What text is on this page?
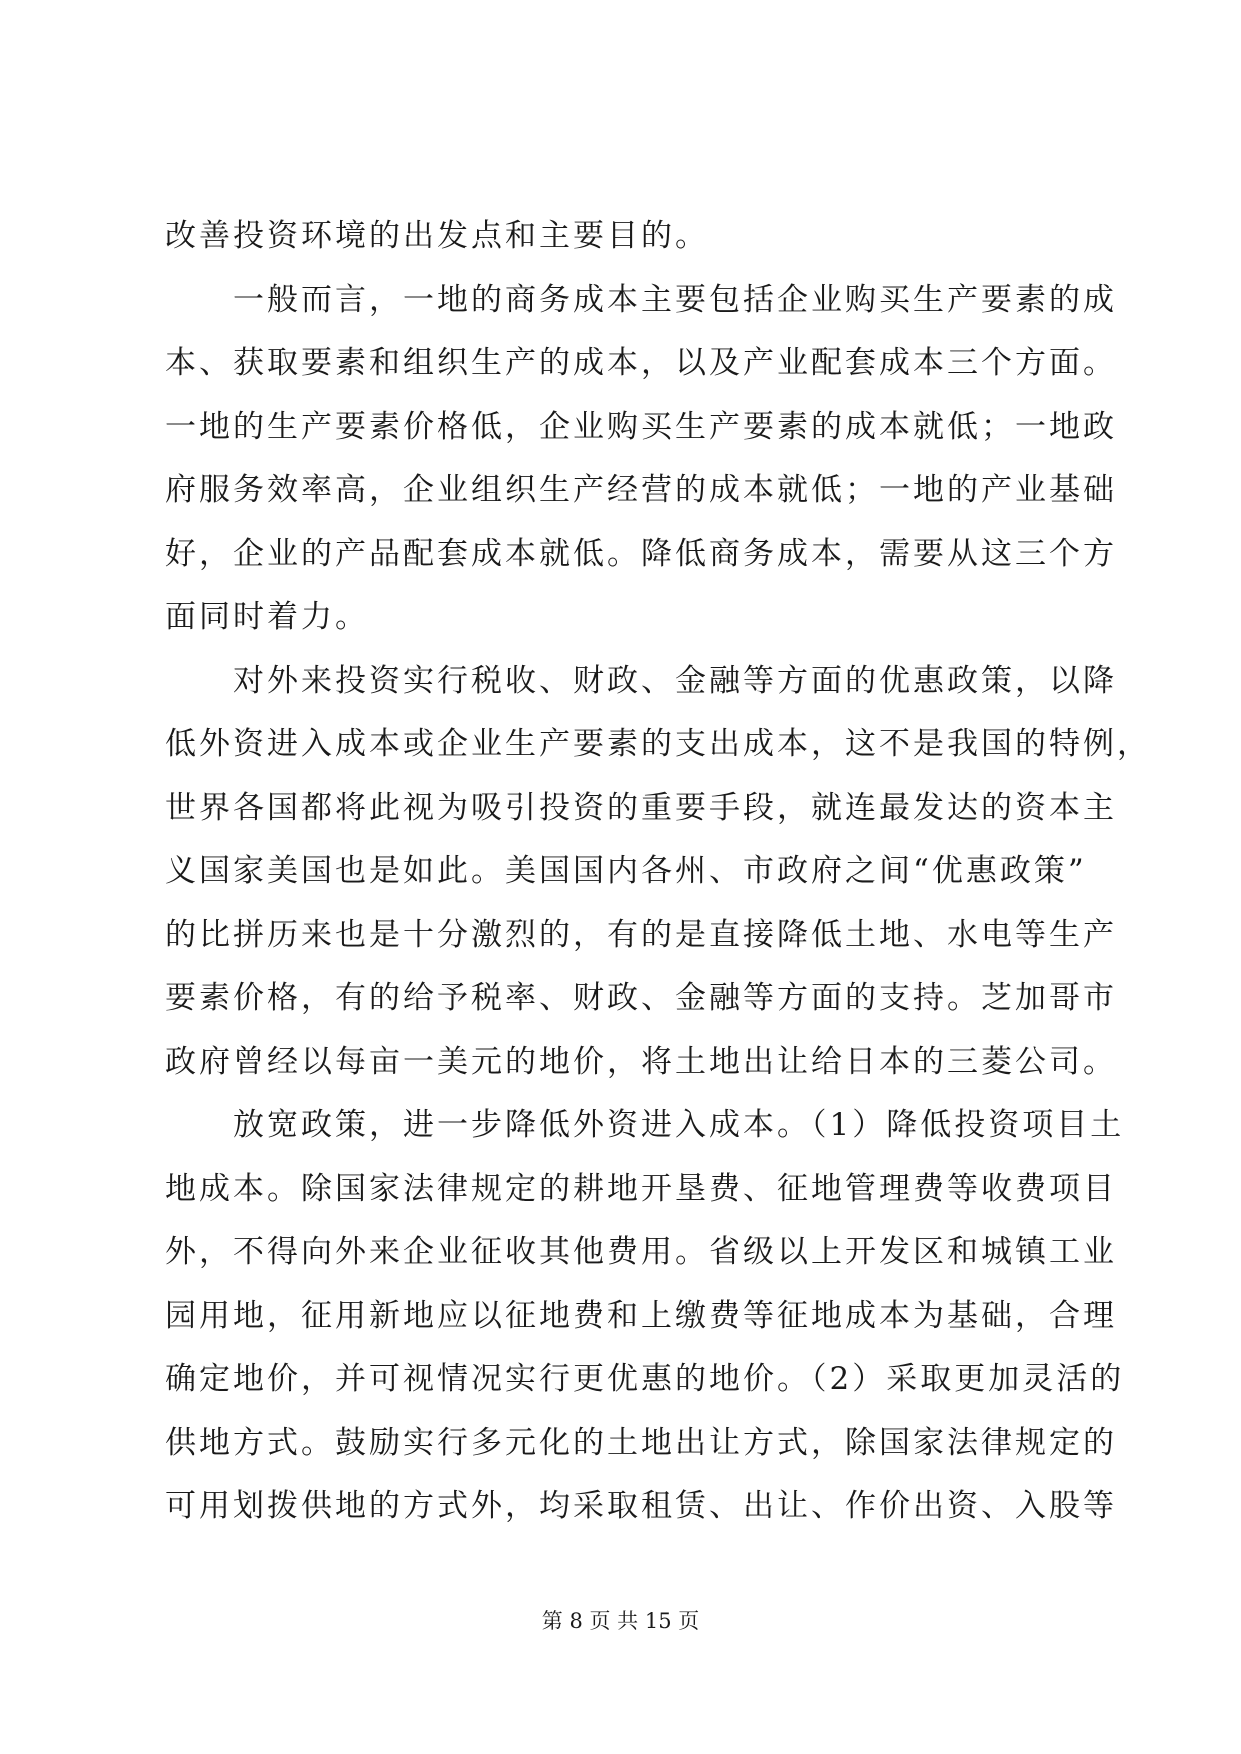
改善投资环境的出发点和主要目的。
　　一般而言，一地的商务成本主要包括企业购买生产要素的成
本、获取要素和组织生产的成本，以及产业配套成本三个方面。
一地的生产要素价格低，企业购买生产要素的成本就低；一地政
府服务效率高，企业组织生产经营的成本就低；一地的产业基础
好，企业的产品配套成本就低。降低商务成本，需要从这三个方
面同时着力。
　　对外来投资实行税收、财政、金融等方面的优惠政策，以降
低外资进入成本或企业生产要素的支出成本，这不是我国的特例，
世界各国都将此视为吸引投资的重要手段，就连最发达的资本主
义国家美国也是如此。美国国内各州、市政府之间“优惠政策”
的比拼历来也是十分激烈的，有的是直接降低土地、水电等生产
要素价格，有的给予税率、财政、金融等方面的支持。芝加哥市
政府曾经以每亩一美元的地价，将土地出让给日本的三菱公司。
　　放宽政策，进一步降低外资进入成本。（1）降低投资项目土
地成本。除国家法律规定的耕地开垦费、征地管理费等收费项目
外，不得向外来企业征收其他费用。省级以上开发区和城镇工业
园用地，征用新地应以征地费和上缴费等征地成本为基础，合理
确定地价，并可视情况实行更优惠的地价。（2）采取更加灵活的
供地方式。鼓励实行多元化的土地出让方式，除国家法律规定的
可用划拨供地的方式外，均采取租赁、出让、作价出资、入股等
第 8 页 共 15 页
